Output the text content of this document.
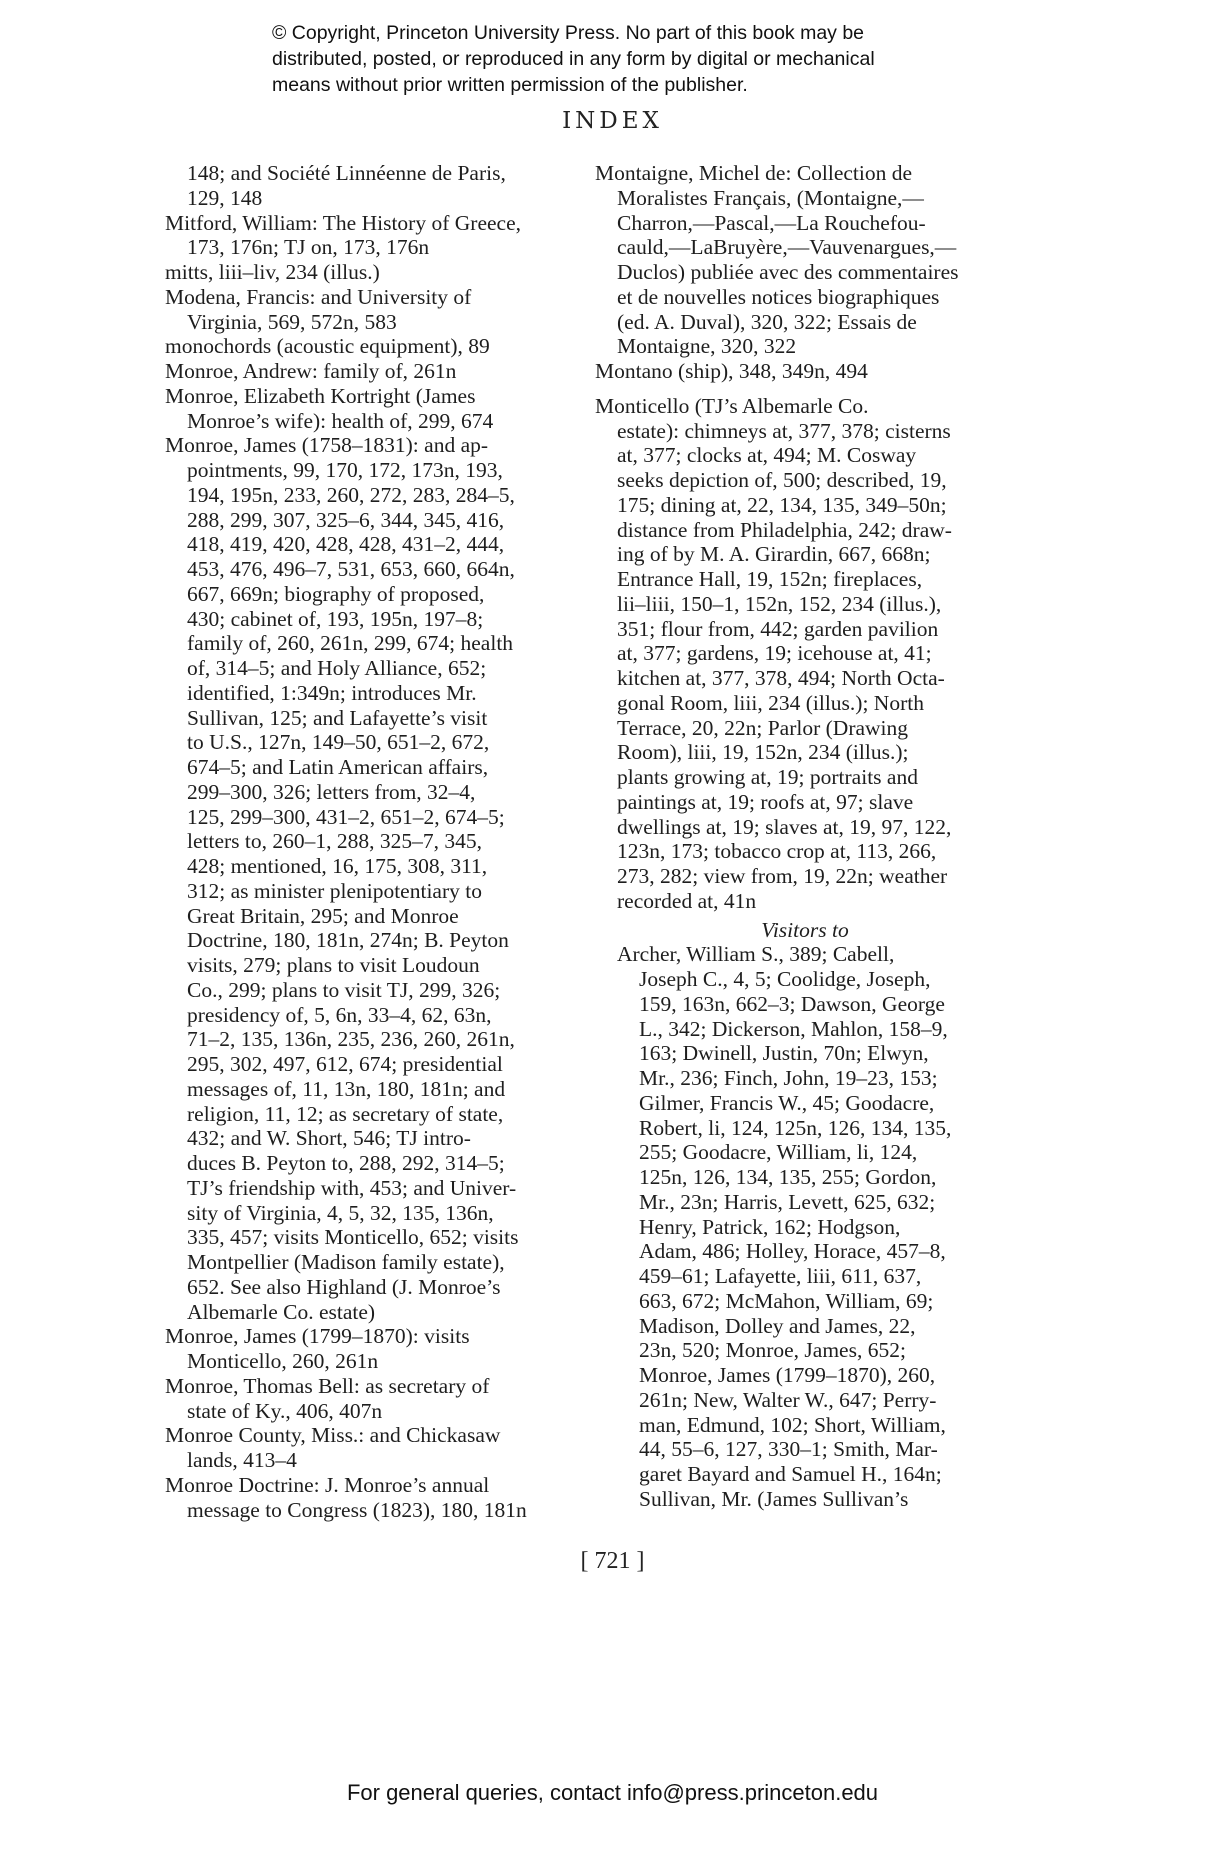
© Copyright, Princeton University Press. No part of this book may be
distributed, posted, or reproduced in any form by digital or mechanical
means without prior written permission of the publisher.
INDEX
148; and Société Linnéenne de Paris,
129, 148
Mitford, William: The History of Greece,
173, 176n; TJ on, 173, 176n
mitts, liii–liv, 234 (illus.)
Modena, Francis: and University of
Virginia, 569, 572n, 583
monochords (acoustic equipment), 89
Monroe, Andrew: family of, 261n
Monroe, Elizabeth Kortright (James
Monroe’s wife): health of, 299, 674
Monroe, James (1758–1831): and ap-
pointments, 99, 170, 172, 173n, 193,
194, 195n, 233, 260, 272, 283, 284–5,
288, 299, 307, 325–6, 344, 345, 416,
418, 419, 420, 428, 428, 431–2, 444,
453, 476, 496–7, 531, 653, 660, 664n,
667, 669n; biography of proposed,
430; cabinet of, 193, 195n, 197–8;
family of, 260, 261n, 299, 674; health
of, 314–5; and Holy Alliance, 652;
identified, 1:349n; introduces Mr.
Sullivan, 125; and Lafayette’s visit
to U.S., 127n, 149–50, 651–2, 672,
674–5; and Latin American affairs,
299–300, 326; letters from, 32–4,
125, 299–300, 431–2, 651–2, 674–5;
letters to, 260–1, 288, 325–7, 345,
428; mentioned, 16, 175, 308, 311,
312; as minister plenipotentiary to
Great Britain, 295; and Monroe
Doctrine, 180, 181n, 274n; B. Peyton
visits, 279; plans to visit Loudoun
Co., 299; plans to visit TJ, 299, 326;
presidency of, 5, 6n, 33–4, 62, 63n,
71–2, 135, 136n, 235, 236, 260, 261n,
295, 302, 497, 612, 674; presidential
messages of, 11, 13n, 180, 181n; and
religion, 11, 12; as secretary of state,
432; and W. Short, 546; TJ intro-
duces B. Peyton to, 288, 292, 314–5;
TJ’s friendship with, 453; and Univer-
sity of Virginia, 4, 5, 32, 135, 136n,
335, 457; visits Monticello, 652; visits
Montpellier (Madison family estate),
652. See also Highland (J. Monroe’s
Albemarle Co. estate)
Monroe, James (1799–1870): visits
Monticello, 260, 261n
Monroe, Thomas Bell: as secretary of
state of Ky., 406, 407n
Monroe County, Miss.: and Chickasaw
lands, 413–4
Monroe Doctrine: J. Monroe’s annual
message to Congress (1823), 180, 181n
Montaigne, Michel de: Collection de
Moralistes Français, (Montaigne,—
Charron,—Pascal,—La Rouchefou-
cauld,—LaBruyère,—Vauvenargues,—
Duclos) publiée avec des commentaires
et de nouvelles notices biographiques
(ed. A. Duval), 320, 322; Essais de
Montaigne, 320, 322
Montano (ship), 348, 349n, 494
Monticello (TJ’s Albemarle Co.
estate): chimneys at, 377, 378; cisterns
at, 377; clocks at, 494; M. Cosway
seeks depiction of, 500; described, 19,
175; dining at, 22, 134, 135, 349–50n;
distance from Philadelphia, 242; draw-
ing of by M. A. Girardin, 667, 668n;
Entrance Hall, 19, 152n; fireplaces,
lii–liii, 150–1, 152n, 152, 234 (illus.),
351; flour from, 442; garden pavilion
at, 377; gardens, 19; icehouse at, 41;
kitchen at, 377, 378, 494; North Octa-
gonal Room, liii, 234 (illus.); North
Terrace, 20, 22n; Parlor (Drawing
Room), liii, 19, 152n, 234 (illus.);
plants growing at, 19; portraits and
paintings at, 19; roofs at, 97; slave
dwellings at, 19; slaves at, 19, 97, 122,
123n, 173; tobacco crop at, 113, 266,
273, 282; view from, 19, 22n; weather
recorded at, 41n
Visitors to
Archer, William S., 389; Cabell,
Joseph C., 4, 5; Coolidge, Joseph,
159, 163n, 662–3; Dawson, George
L., 342; Dickerson, Mahlon, 158–9,
163; Dwinell, Justin, 70n; Elwyn,
Mr., 236; Finch, John, 19–23, 153;
Gilmer, Francis W., 45; Goodacre,
Robert, li, 124, 125n, 126, 134, 135,
255; Goodacre, William, li, 124,
125n, 126, 134, 135, 255; Gordon,
Mr., 23n; Harris, Levett, 625, 632;
Henry, Patrick, 162; Hodgson,
Adam, 486; Holley, Horace, 457–8,
459–61; Lafayette, liii, 611, 637,
663, 672; McMahon, William, 69;
Madison, Dolley and James, 22,
23n, 520; Monroe, James, 652;
Monroe, James (1799–1870), 260,
261n; New, Walter W., 647; Perry-
man, Edmund, 102; Short, William,
44, 55–6, 127, 330–1; Smith, Mar-
garet Bayard and Samuel H., 164n;
Sullivan, Mr. (James Sullivan’s
[ 721 ]
For general queries, contact info@press.princeton.edu
